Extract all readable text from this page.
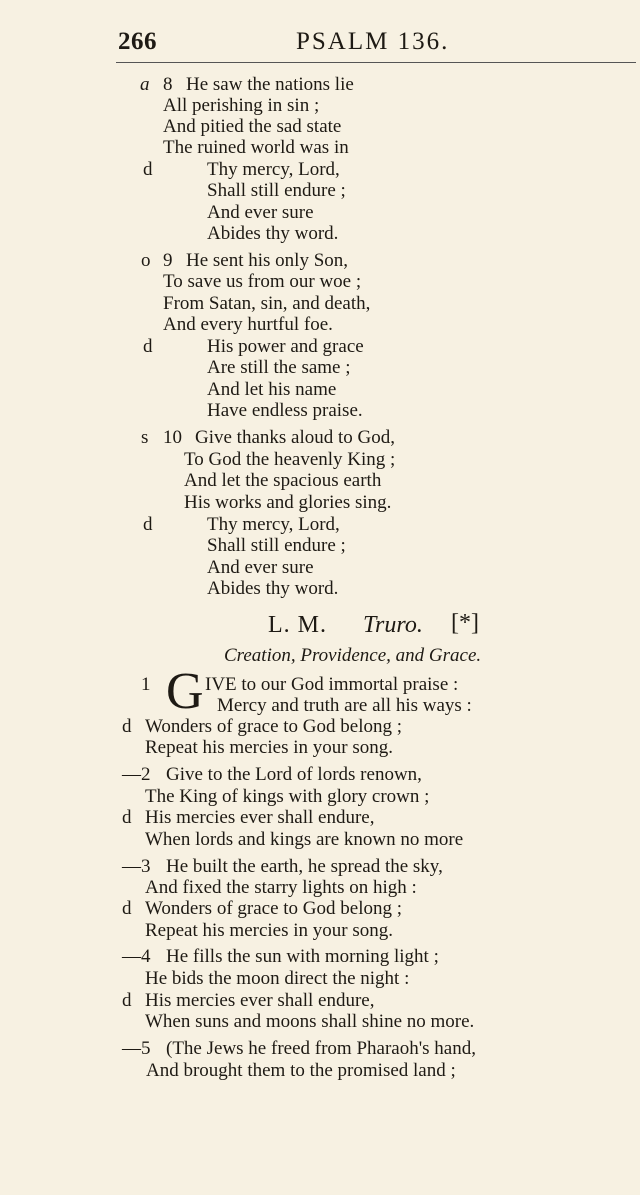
266	PSALM 136.
a 8 He saw the nations lie
All perishing in sin ;
And pitied the sad state
The ruined world was in
d	Thy mercy, Lord,
Shall still endure ;
And ever sure
Abides thy word.
o 9 He sent his only Son,
To save us from our woe ;
From Satan, sin, and death,
And every hurtful foe.
d	His power and grace
Are still the same ;
And let his name
Have endless praise.
s 10 Give thanks aloud to God,
To God the heavenly King ;
And let the spacious earth
His works and glories sing.
d	Thy mercy, Lord,
Shall still endure ;
And ever sure
Abides thy word.
L. M. Truro. [*]
Creation, Providence, and Grace.
1 G IVE to our God immortal praise :
Mercy and truth are all his ways :
d Wonders of grace to God belong ;
Repeat his mercies in your song.
—2 Give to the Lord of lords renown,
The King of kings with glory crown ;
d His mercies ever shall endure,
When lords and kings are known no more
—3 He built the earth, he spread the sky,
And fixed the starry lights on high :
d Wonders of grace to God belong ;
Repeat his mercies in your song.
—4 He fills the sun with morning light ;
He bids the moon direct the night :
d His mercies ever shall endure,
When suns and moons shall shine no more.
—5 (The Jews he freed from Pharaoh's hand,
And brought them to the promised land ;
